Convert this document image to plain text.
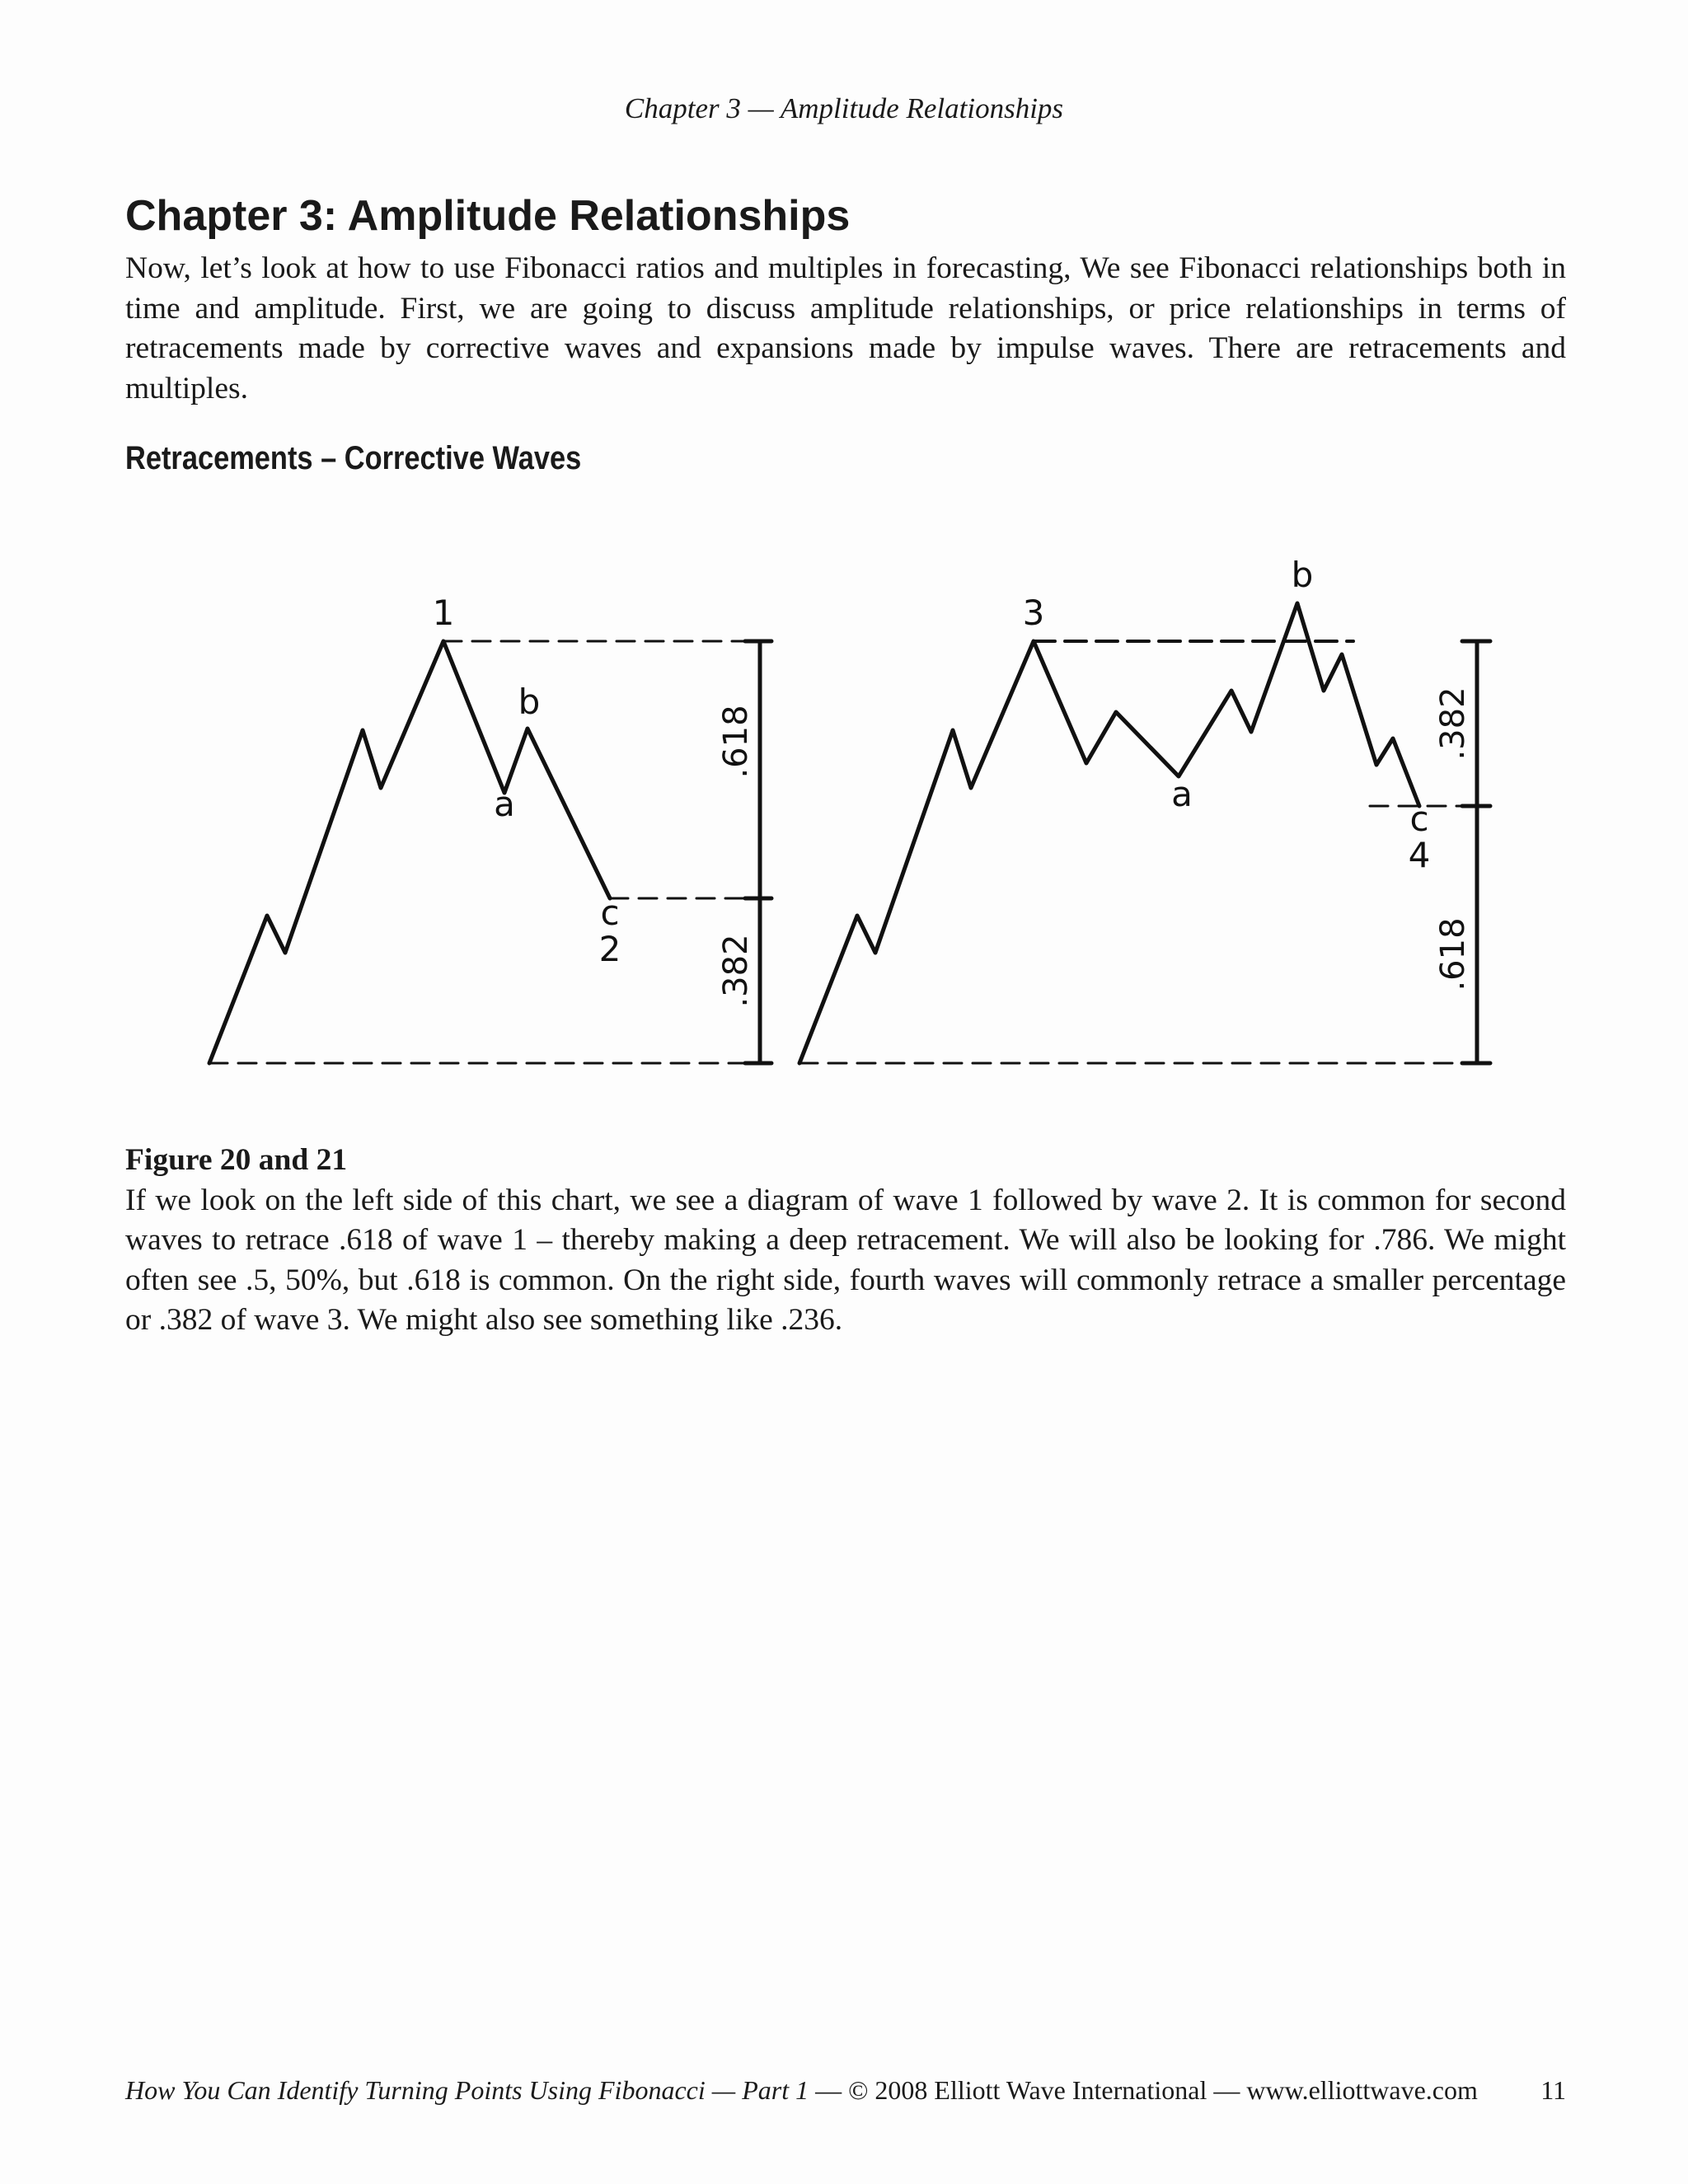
Chapter 3 — Amplitude Relationships
Chapter 3: Amplitude Relationships

Now, let’s look at how to use Fibonacci ratios and multiples in forecasting, We see Fibonacci relationships both in time and amplitude. First, we are going to discuss amplitude relationships, or price relationships in terms of retracements made by corrective waves and expansions made by impulse waves. There are retracements and multiples.

Retracements – Corrective Waves
1
b
a
c
2
.618
.382
3
b
a
c
4
.382
.618
Figure 20 and 21

If we look on the left side of this chart, we see a diagram of wave 1 followed by wave 2. It is common for second waves to retrace .618 of wave 1 – thereby making a deep retracement. We will also be looking for .786. We might often see .5, 50%, but .618 is common. On the right side, fourth waves will commonly retrace a smaller percentage or .382 of wave 3. We might also see something like .236.

How You Can Identify Turning Points Using Fibonacci — Part 1 — © 2008 Elliott Wave International — www.elliottwave.com 11
